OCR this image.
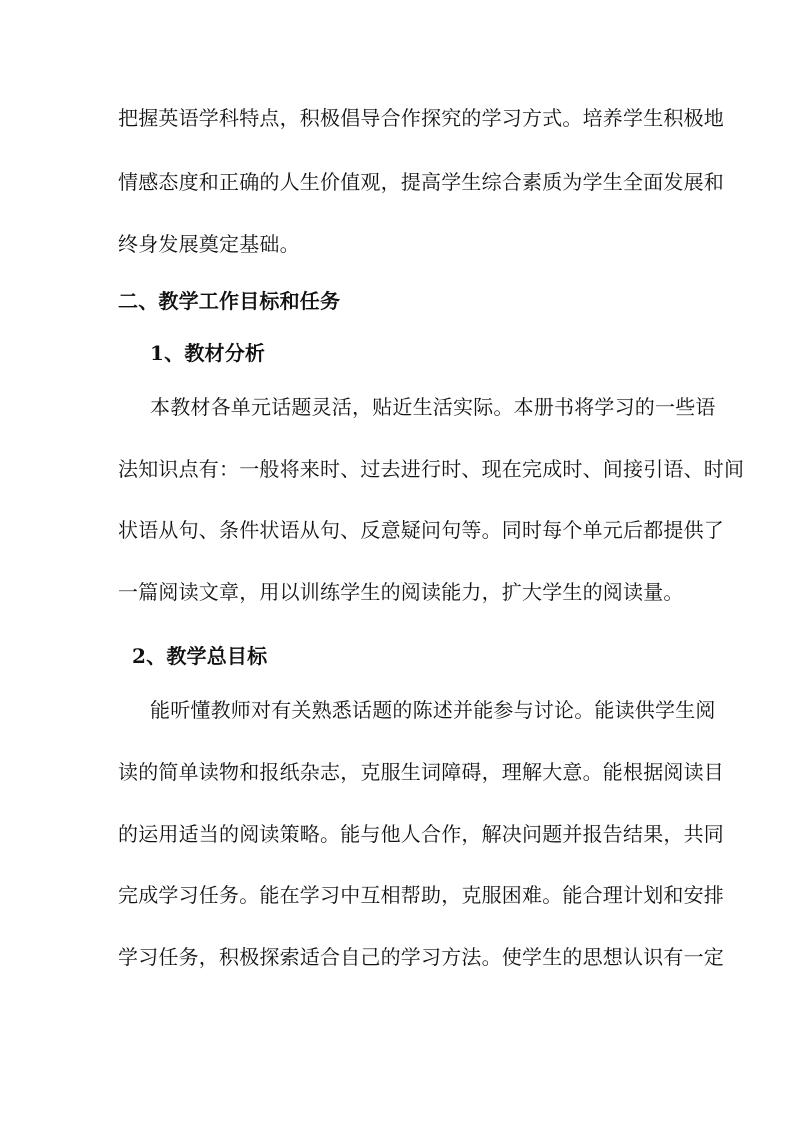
把握英语学科特点，积极倡导合作探究的学习方式。培养学生积极地
情感态度和正确的人生价值观，提高学生综合素质为学生全面发展和
终身发展奠定基础。
二、教学工作目标和任务
1、教材分析
本教材各单元话题灵活，贴近生活实际。本册书将学习的一些语
法知识点有：一般将来时、过去进行时、现在完成时、间接引语、时间
状语从句、条件状语从句、反意疑问句等。同时每个单元后都提供了
一篇阅读文章，用以训练学生的阅读能力，扩大学生的阅读量。
2、教学总目标
能听懂教师对有关熟悉话题的陈述并能参与讨论。能读供学生阅
读的简单读物和报纸杂志，克服生词障碍，理解大意。能根据阅读目
的运用适当的阅读策略。能与他人合作，解决问题并报告结果，共同
完成学习任务。能在学习中互相帮助，克服困难。能合理计划和安排
学习任务，积极探索适合自己的学习方法。使学生的思想认识有一定
